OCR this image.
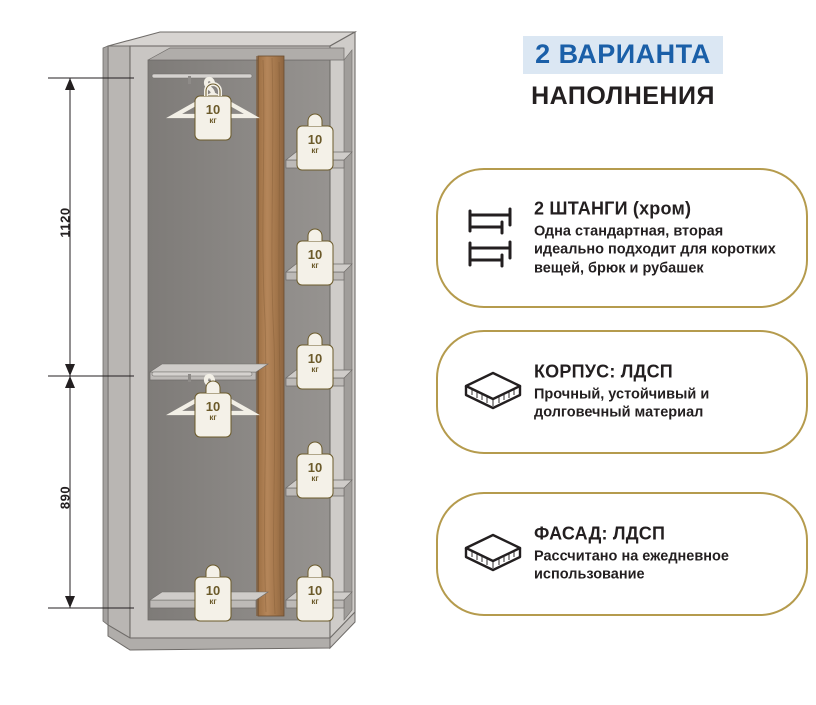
1120
890
10
кг
10
кг
10
кг
10
кг
10
кг
10
кг
10
кг
10
кг
2 ВАРИАНТА
НАПОЛНЕНИЯ
2 ШТАНГИ (хром)
Одна стандартная, вторая идеально подходит для коротких вещей, брюк и рубашек
КОРПУС: ЛДСП
Прочный, устойчивый и долговечный материал
ФАСАД: ЛДСП
Рассчитано на ежедневное использование
